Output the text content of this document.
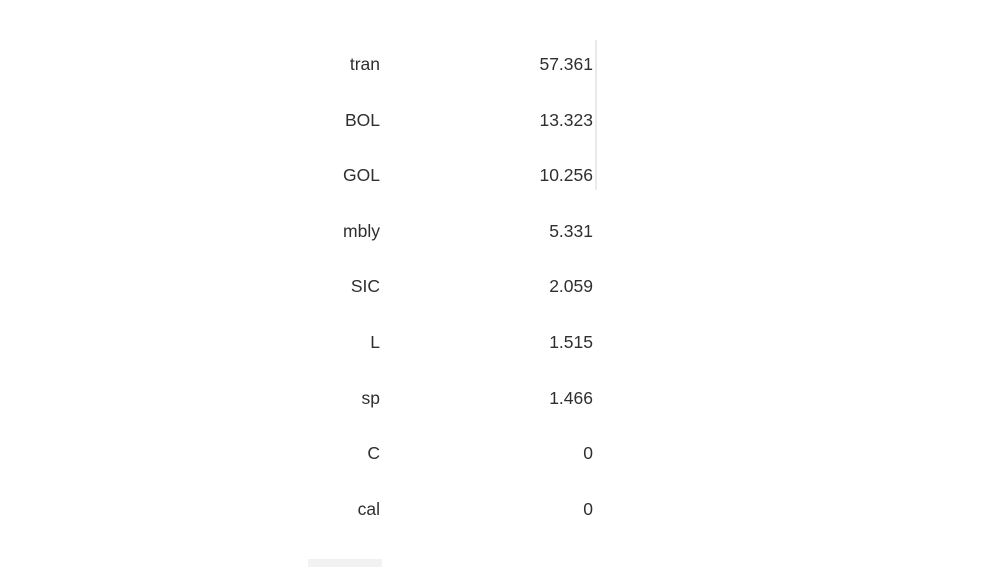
tran	57.361
BOL	13.323
GOL	10.256
mbly	5.331
SIC	2.059
L	1.515
sp	1.466
C	0
cal	0
